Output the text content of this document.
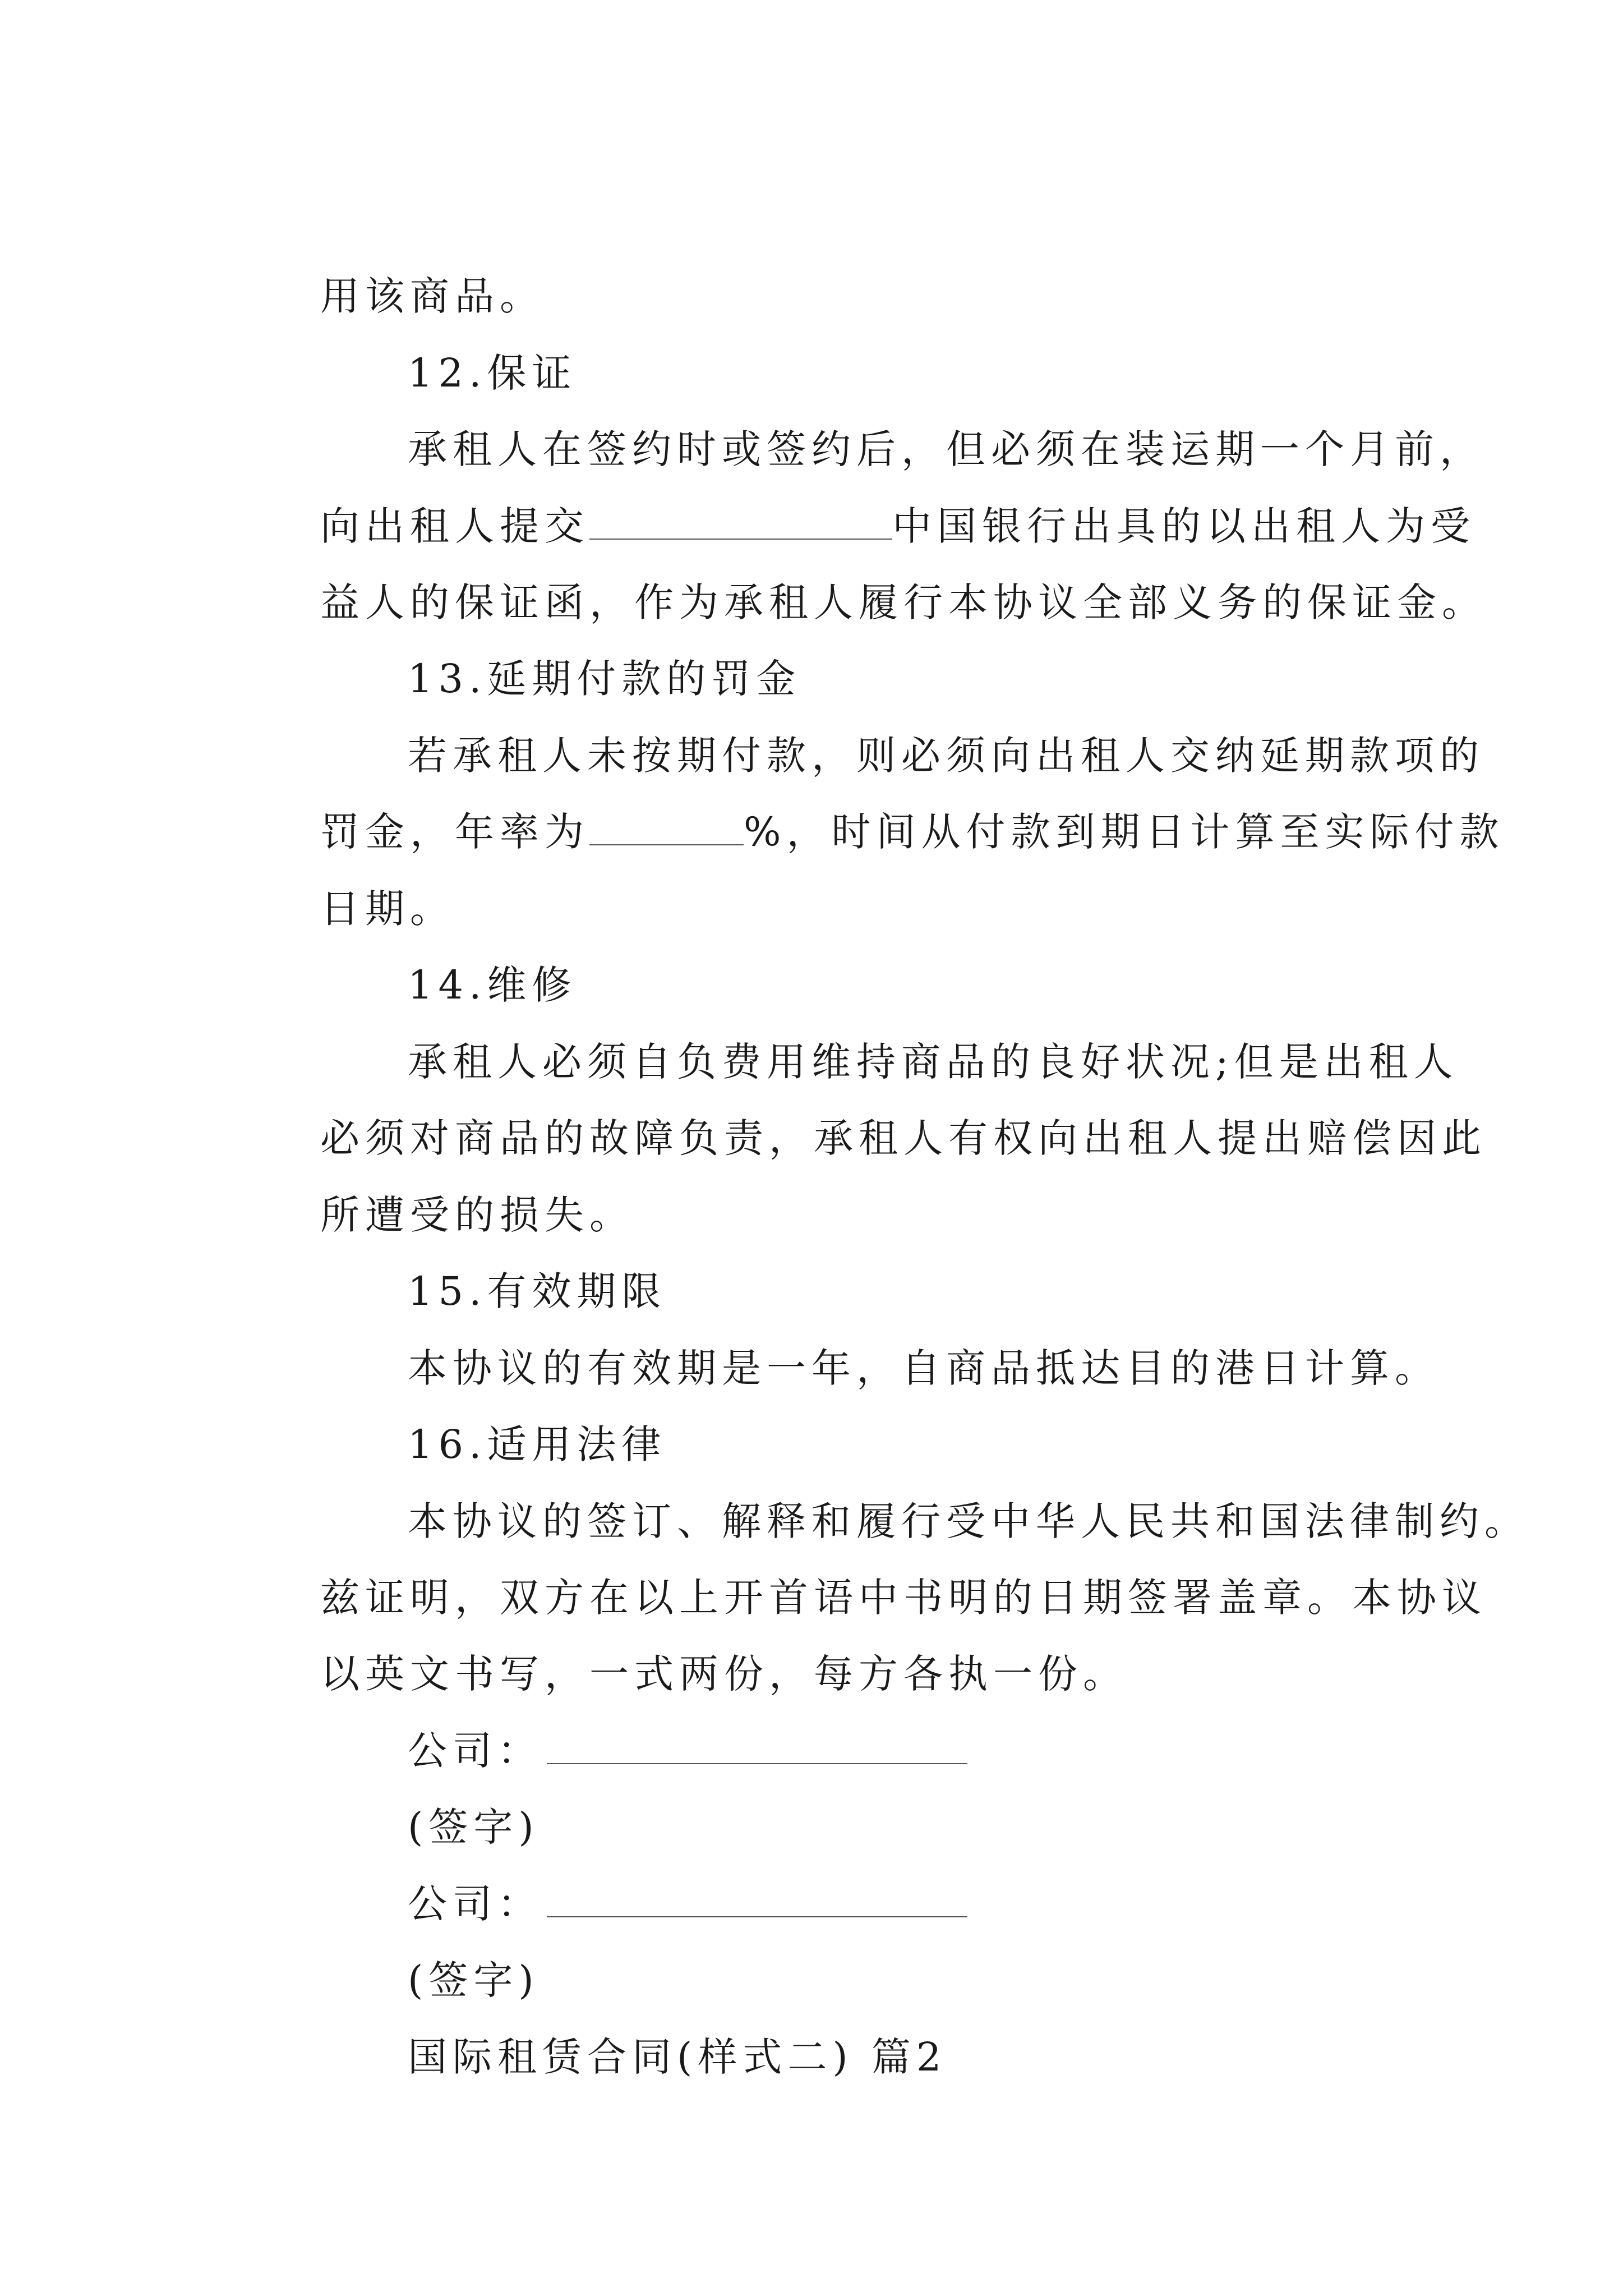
用该商品。

12.保证

承租人在签约时或签约后，但必须在装运期一个月前，

向出租人提交	中国银行出具的以出租人为受

益人的保证函，作为承租人履行本协议全部义务的保证金。

13.延期付款的罚金

若承租人未按期付款，则必须向出租人交纳延期款项的

罚金，年率为	%，时间从付款到期日计算至实际付款

日期。

14.维修

承租人必须自负费用维持商品的良好状况;但是出租人

必须对商品的故障负责，承租人有权向出租人提出赔偿因此

所遭受的损失。

15.有效期限

本协议的有效期是一年，自商品抵达目的港日计算。

16.适用法律

本协议的签订、解释和履行受中华人民共和国法律制约。

兹证明，双方在以上开首语中书明的日期签署盖章。本协议

以英文书写，一式两份，每方各执一份。

公司：

(签字)

公司：

(签字)

国际租赁合同(样式二) 篇2
